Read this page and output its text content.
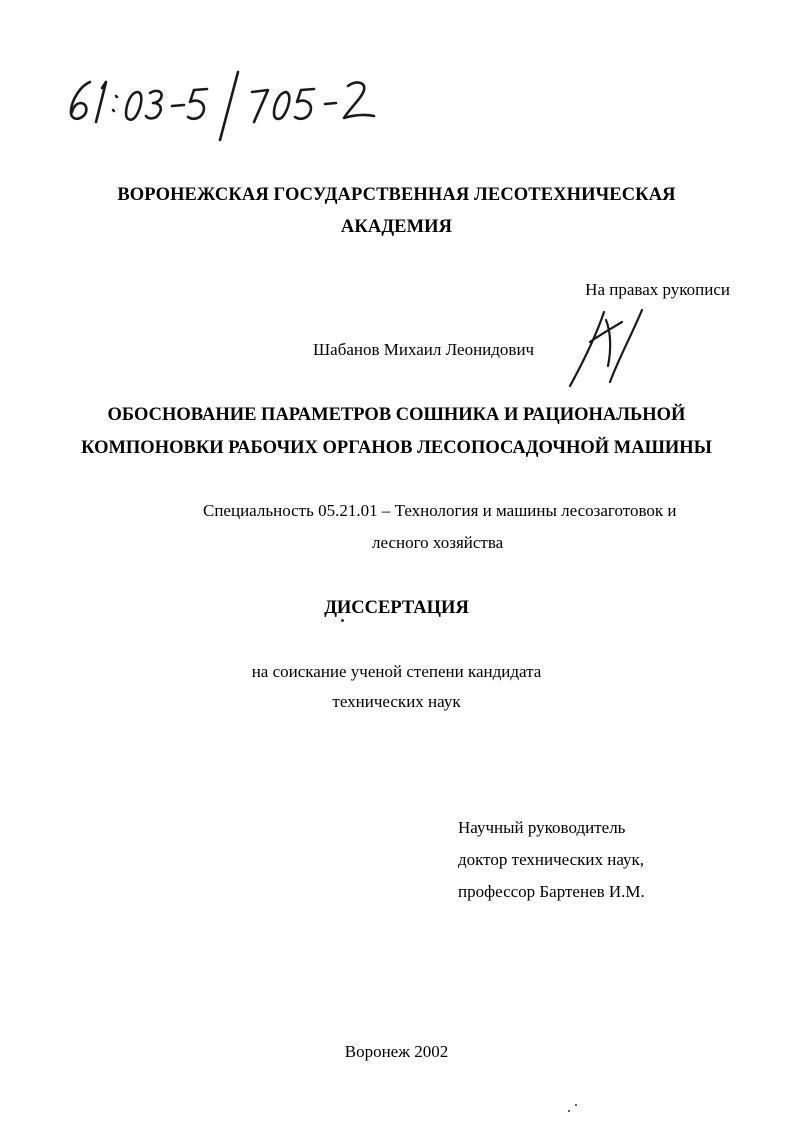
ВОРОНЕЖСКАЯ ГОСУДАРСТВЕННАЯ ЛЕСОТЕХНИЧЕСКАЯ
АКАДЕМИЯ
На правах рукописи
Шабанов Михаил Леонидович
ОБОСНОВАНИЕ ПАРАМЕТРОВ СОШНИКА И РАЦИОНАЛЬНОЙ
КОМПОНОВКИ РАБОЧИХ ОРГАНОВ ЛЕСОПОСАДОЧНОЙ МАШИНЫ
Специальность 05.21.01 – Технология и машины лесозаготовок и
лесного хозяйства
ДИССЕРТАЦИЯ
на соискание ученой степени кандидата
технических наук
Научный руководитель
доктор технических наук,
профессор Бартенев И.М.
Воронеж 2002
